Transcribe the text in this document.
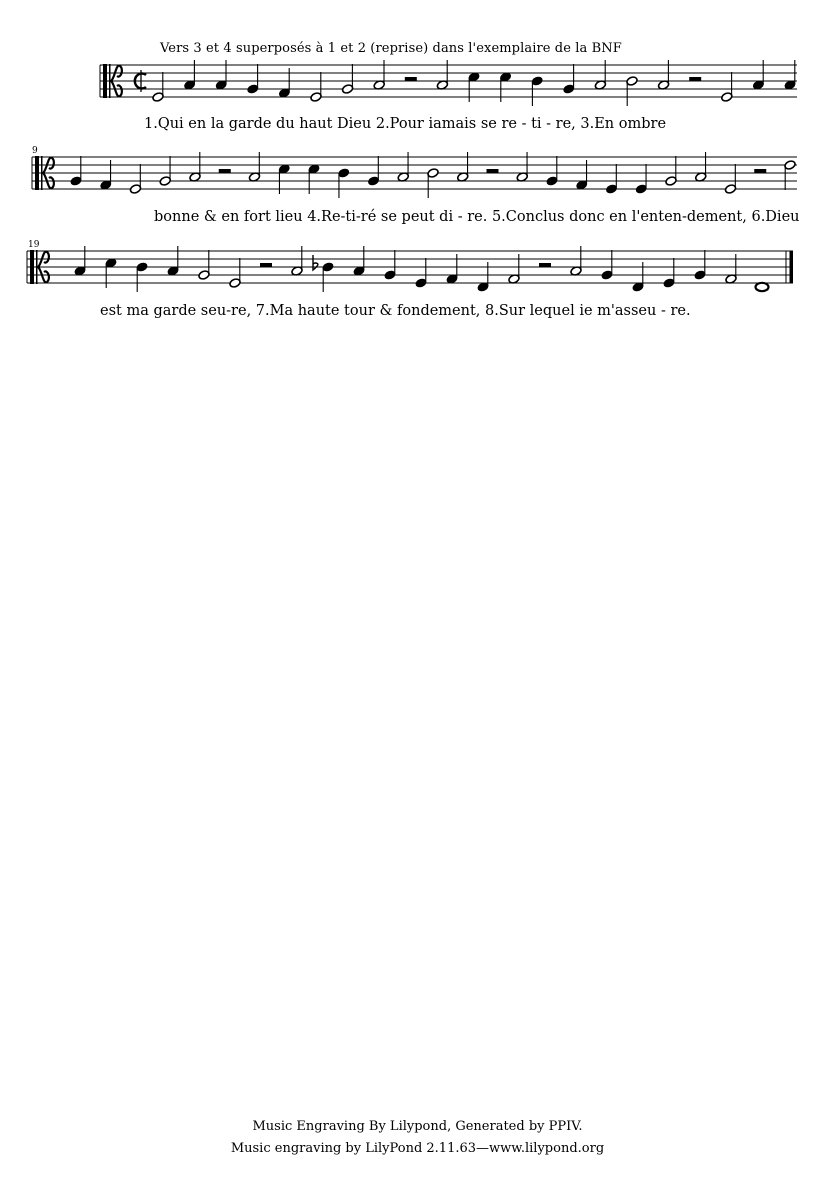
Vers 3 et 4 superposés à 1 et 2 (reprise) dans l'exemplaire de la BNF
1.Qui en la garde du haut Dieu 2.Pour iamais se re - ti - re, 3.En ombre
9
bonne & en fort lieu 4.Re-ti-ré se peut di - re. 5.Conclus donc en l'enten-dement, 6.Dieu
19
est ma garde seu-re, 7.Ma haute tour & fondement, 8.Sur lequel ie m'asseu - re.
Music Engraving By Lilypond, Generated by PPIV.
Music engraving by LilyPond 2.11.63—www.lilypond.org
